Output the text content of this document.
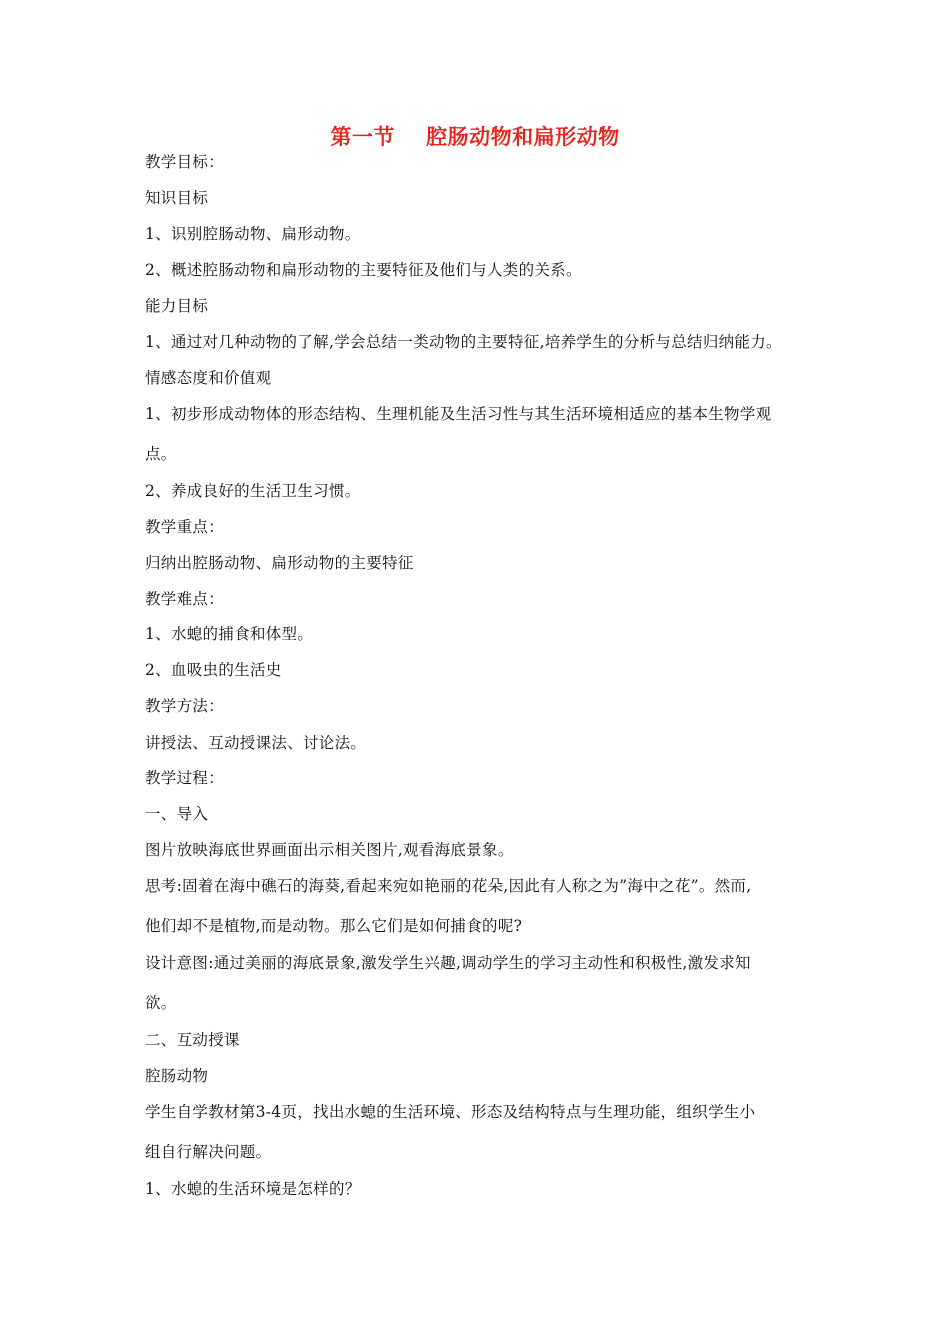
第一节    腔肠动物和扁形动物
教学目标：
知识目标
1、识别腔肠动物、扁形动物。
2、概述腔肠动物和扁形动物的主要特征及他们与人类的关系。
能力目标
1、通过对几种动物的了解,学会总结一类动物的主要特征,培养学生的分析与总结归纳能力。
情感态度和价值观
1、初步形成动物体的形态结构、生理机能及生活习性与其生活环境相适应的基本生物学观
点。
2、养成良好的生活卫生习惯。
教学重点：
归纳出腔肠动物、扁形动物的主要特征
教学难点：
1、水螅的捕食和体型。
2、血吸虫的生活史
教学方法：
讲授法、互动授课法、讨论法。
教学过程：
一、导入
图片放映海底世界画面出示相关图片,观看海底景象。
思考:固着在海中礁石的海葵,看起来宛如艳丽的花朵,因此有人称之为”海中之花”。然而,
他们却不是植物,而是动物。那么它们是如何捕食的呢?
设计意图:通过美丽的海底景象,激发学生兴趣,调动学生的学习主动性和积极性,激发求知
欲。
二、互动授课
腔肠动物
学生自学教材第3-4页，找出水螅的生活环境、形态及结构特点与生理功能，组织学生小
组自行解决问题。
1、水螅的生活环境是怎样的？
